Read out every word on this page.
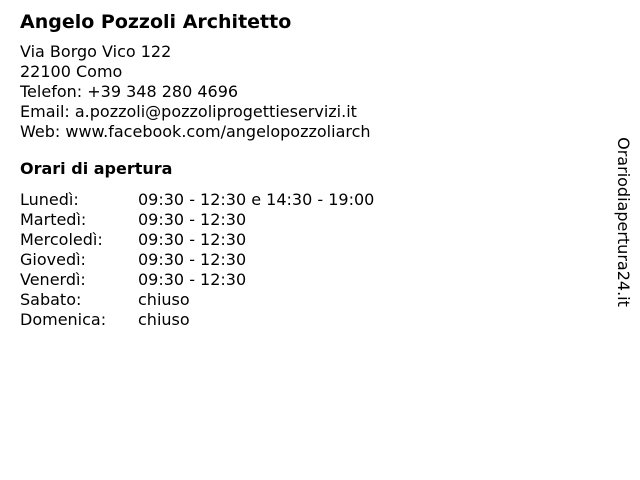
Angelo Pozzoli Architetto
Via Borgo Vico 122
22100 Como
Telefon: +39 348 280 4696
Email: a.pozzoli@pozzoliprogettieservizi.it
Web: www.facebook.com/angelopozzoliarch
Orari di apertura
Lunedì:	09:30 - 12:30 e 14:30 - 19:00
Martedì:	09:30 - 12:30
Mercoledì:	09:30 - 12:30
Giovedì:	09:30 - 12:30
Venerdì:	09:30 - 12:30
Sabato:	chiuso
Domenica:	chiuso
Orariodiapertura24.it
